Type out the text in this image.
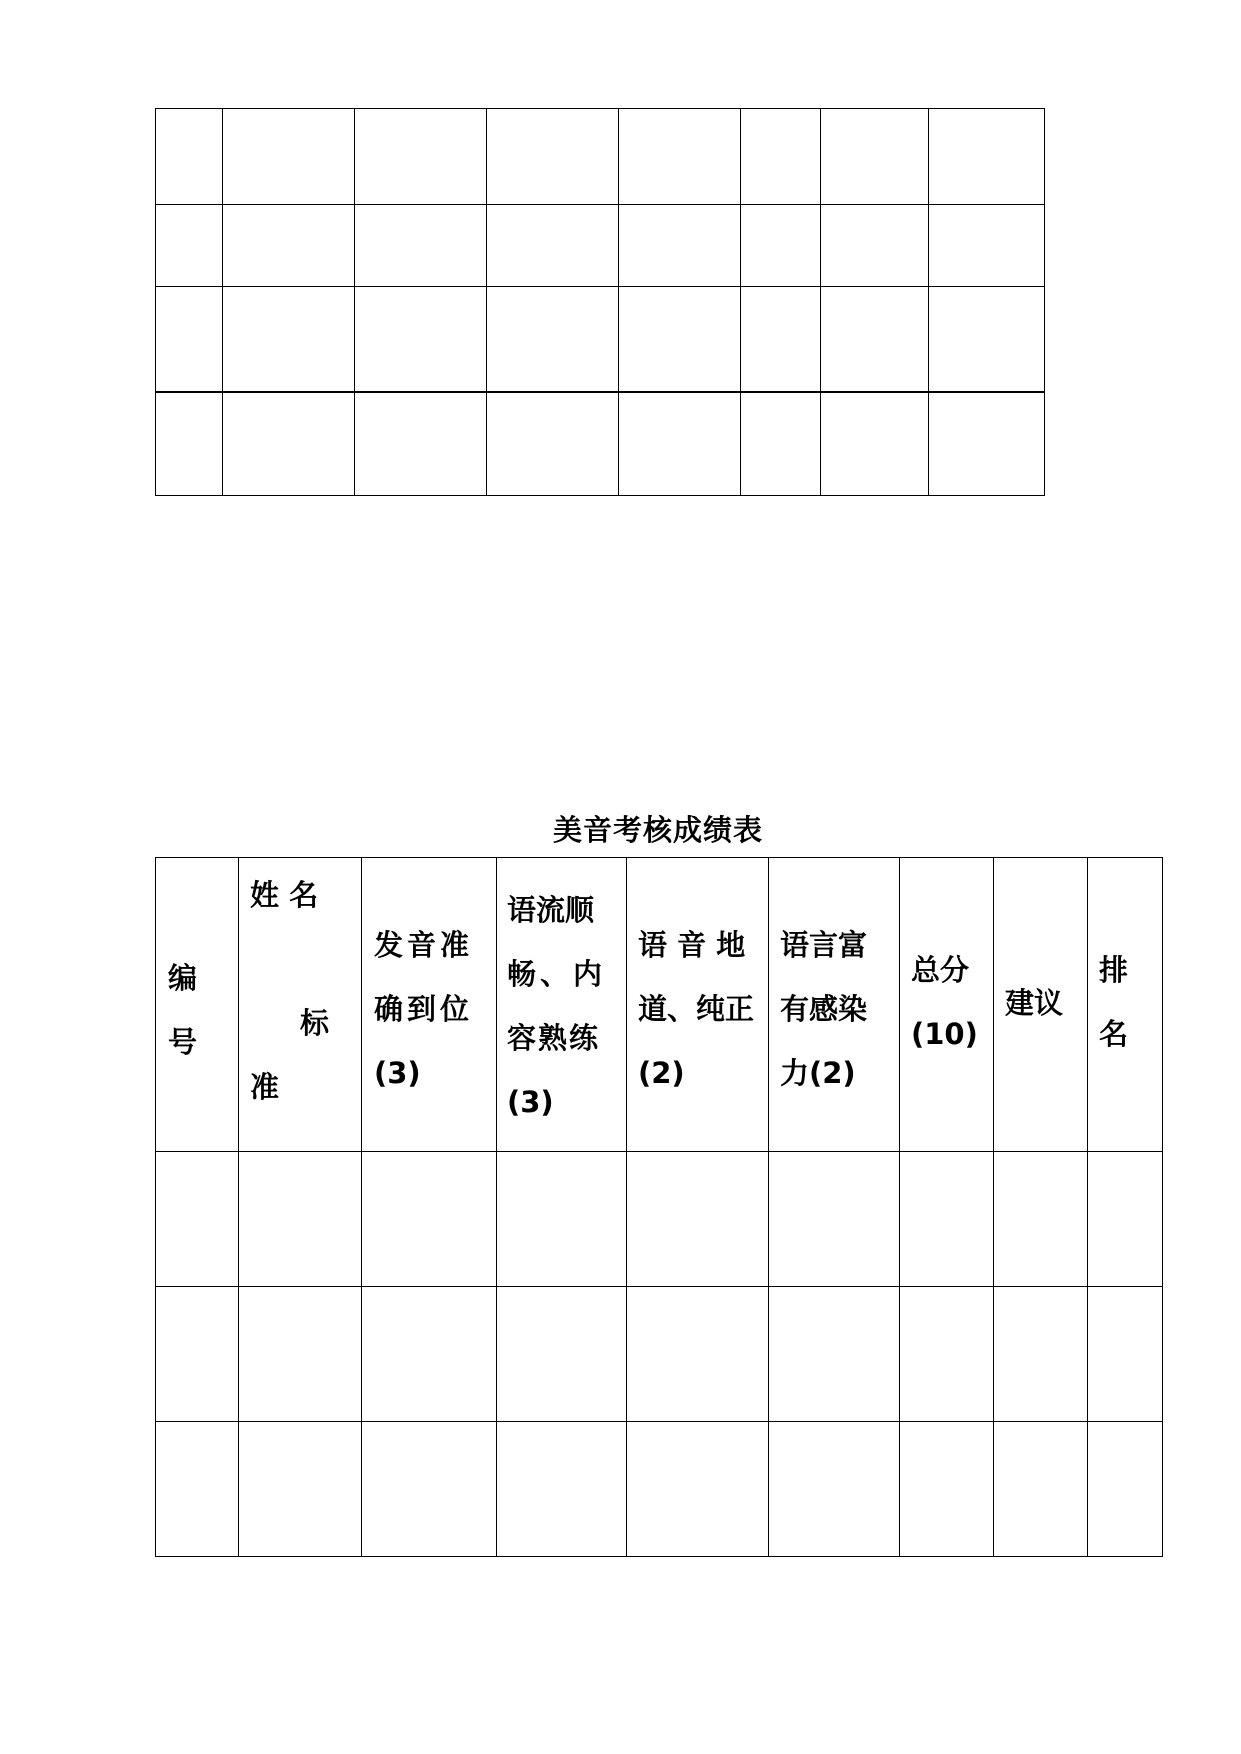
美音考核成绩表
编
号	姓 名
标
准	发音准
确到位
(3)	语流顺
畅、内
容熟练
(3)	语 音 地
道、纯正
(2)	语言富
有感染
力(2)	总分
(10)	建议	排
名
